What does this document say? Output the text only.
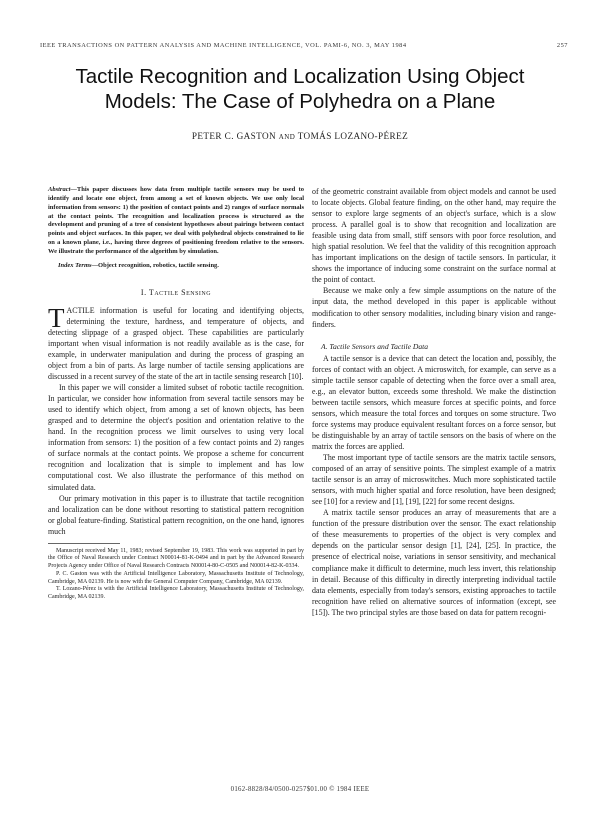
IEEE TRANSACTIONS ON PATTERN ANALYSIS AND MACHINE INTELLIGENCE, VOL. PAMI-6, NO. 3, MAY 1984	257
Tactile Recognition and Localization Using Object
Models: The Case of Polyhedra on a Plane
PETER C. GASTON AND TOMÁS LOZANO-PÉREZ

Abstract—This paper discusses how data from multiple tactile sensors may be used to identify and locate one object, from among a set of known objects. We use only local information from sensors: 1) the position of contact points and 2) ranges of surface normals at the contact points. The recognition and localization process is structured as the development and pruning of a tree of consistent hypotheses about pairings between contact points and object surfaces. In this paper, we deal with polyhedral objects constrained to lie on a known plane, i.e., having three degrees of positioning freedom relative to the sensors. We illustrate the performance of the algorithm by simulation.

Index Terms—Object recognition, robotics, tactile sensing.

I. Tactile Sensing

TACTILE information is useful for locating and identifying objects, determining the texture, hardness, and temperature of objects, and detecting slippage of a grasped object. These capabilities are particularly important when visual information is not readily available as is the case, for example, in underwater manipulation and during the process of grasping an object from a bin of parts. As large number of tactile sensing applications are discussed in a recent survey of the state of the art in tactile sensing research [10].

In this paper we will consider a limited subset of robotic tactile recognition. In particular, we consider how information from several tactile sensors may be used to identify which object, from among a set of known objects, has been grasped and to determine the object's position and orientation relative to the hand. In the recognition process we limit ourselves to using very local information from sensors: 1) the position of a few contact points and 2) ranges of surface normals at the contact points. We propose a scheme for concurrent recognition and localization that is simple to implement and has low computational cost. We also illustrate the performance of this method on simulated data.

Our primary motivation in this paper is to illustrate that tactile recognition and localization can be done without resorting to statistical pattern recognition or global feature-finding. Statistical pattern recognition, on the one hand, ignores much

Manuscript received May 11, 1983; revised September 19, 1983. This work was supported in part by the Office of Naval Research under Contract N00014-81-K-0494 and in part by the Advanced Research Projects Agency under Office of Naval Research Contracts N00014-80-C-0505 and N00014-82-K-0334.

P. C. Gaston was with the Artificial Intelligence Laboratory, Massachusetts Institute of Technology, Cambridge, MA 02139. He is now with the General Computer Company, Cambridge, MA 02139.

T. Lozano-Pérez is with the Artificial Intelligence Laboratory, Massachusetts Institute of Technology, Cambridge, MA 02139.

of the geometric constraint available from object models and cannot be used to locate objects. Global feature finding, on the other hand, may require the sensor to explore large segments of an object's surface, which is a slow process. A parallel goal is to show that recognition and localization are feasible using data from small, stiff sensors with poor force resolution, and high spatial resolution. We feel that the validity of this recognition approach has important implications on the design of tactile sensors. In particular, it shows the importance of inducing some constraint on the surface normal at the point of contact.

Because we make only a few simple assumptions on the nature of the input data, the method developed in this paper is applicable without modification to other sensory modalities, including binary vision and range-finders.

A. Tactile Sensors and Tactile Data

A tactile sensor is a device that can detect the location and, possibly, the forces of contact with an object. A microswitch, for example, can serve as a simple tactile sensor capable of detecting when the force over a small area, e.g., an elevator button, exceeds some threshold. We make the distinction between tactile sensors, which measure forces at specific points, and force sensors, which measure the total forces and torques on some structure. Two force systems may produce equivalent resultant forces on a force sensor, but be distinguishable by an array of tactile sensors on the basis of where on the matrix the forces are applied.

The most important type of tactile sensors are the matrix tactile sensors, composed of an array of sensitive points. The simplest example of a matrix tactile sensor is an array of microswitches. Much more sophisticated tactile sensors, with much higher spatial and force resolution, have been designed; see [10] for a review and [1], [19], [22] for some recent designs.

A matrix tactile sensor produces an array of measurements that are a function of the pressure distribution over the sensor. The exact relationship of these measurements to properties of the object is very complex and depends on the particular sensor design [1], [24], [25]. In practice, the presence of electrical noise, variations in sensor sensitivity, and mechanical compliance make it difficult to determine, much less invert, this relationship in detail. Because of this difficulty in directly interpreting individual tactile data elements, especially from today's sensors, existing approaches to tactile recognition have relied on alternative sources of information (except, see [15]). The two principal styles are those based on data for pattern recogni-

0162-8828/84/0500-0257$01.00 © 1984 IEEE
